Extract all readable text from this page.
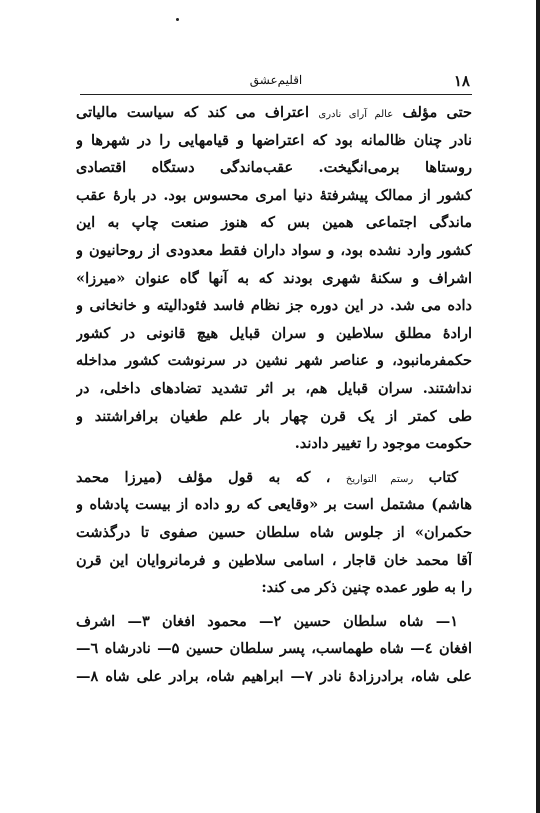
۱۸
اقلیم‌عشق
حتی مؤلف عالم آرای نادری اعتراف می کند که سیاست مالیاتی
نادر چنان ظالمانه بود که اعتراضها و قیامهایی را در شهرها و
روستاها برمی‌انگیخت. عقب‌ماندگی دستگاه اقتصادی
کشور از ممالک پیشرفتهٔ دنیا امری محسوس بود. در بارهٔ عقب
ماندگی اجتماعی همین بس که هنوز صنعت چاپ به این
کشور وارد نشده بود، و سواد داران فقط معدودی از روحانیون و
اشراف و سکنهٔ شهری بودند که به آنها گاه عنوان «میرزا»
داده می شد. در این دوره جز نظام فاسد فئودالیته و خانخانی و
ارادهٔ مطلق سلاطین و سران قبایل هیچ قانونی در کشور
حکمفرمانبود، و عناصر شهر نشین در سرنوشت کشور مداخله
نداشتند. سران قبایل هم، بر اثر تشدید تضادهای داخلی، در
طی کمتر از یک قرن چهار بار علم طغیان برافراشتند و
حکومت موجود را تغییر دادند.
کتاب رستم التواریخ ، که به قول مؤلف (میرزا محمد
هاشم) مشتمل است بر «وقایعی که رو داده از بیست پادشاه و
حکمران» از جلوس شاه سلطان حسین صفوی تا درگذشت
آقا محمد خان قاجار ، اسامی سلاطین و فرمانروایان این قرن
را به طور عمده چنین ذکر می کند:
۱— شاه سلطان حسین ۲— محمود افغان ۳— اشرف
افغان ٤— شاه طهماسب، پسر سلطان حسین ۵— نادرشاه ٦—
علی شاه، برادرزادهٔ نادر ۷— ابراهیم شاه، برادر علی شاه ۸—
